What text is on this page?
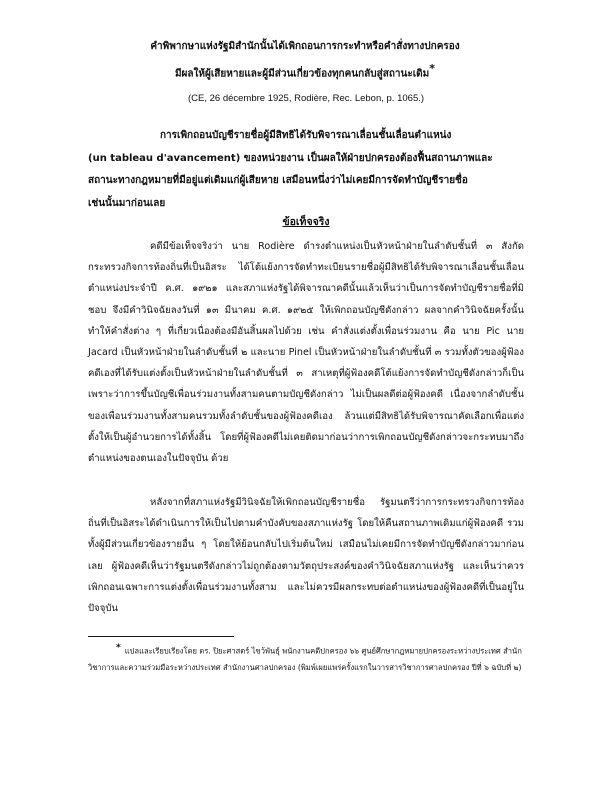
คำพิพากษาแห่งรัฐมิสำนักนั้นได้เพิกถอนการกระทำหรือคำสั่งทางปกครอง
มีผลให้ผู้เสียหายและผู้มีส่วนเกี่ยวข้องทุกคนกลับสู่สถานะเดิม*
(CE, 26 décembre 1925, Rodière, Rec. Lebon, p. 1065.)
การเพิกถอนบัญชีรายชื่อผู้มีสิทธิได้รับพิจารณาเลื่อนชั้นเลื่อนตำแหน่ง
(un tableau d'avancement) ของหน่วยงาน เป็นผลให้ฝ่ายปกครองต้องฟื้นสถานภาพและ
สถานะทางกฎหมายที่มีอยู่แต่เดิมแก่ผู้เสียหาย เสมือนหนึ่งว่าไม่เคยมีการจัดทำบัญชีรายชื่อ
เช่นนั้นมาก่อนเลย
ข้อเท็จจริง
คดีมีข้อเท็จจริงว่า นาย Rodière ดำรงตำแหน่งเป็นหัวหน้าฝ่ายในลำดับชั้นที่ ๓ สังกัดกระทรวงกิจการท้องถิ่นที่เป็นอิสระ ได้โต้แย้งการจัดทำทะเบียนรายชื่อผู้มีสิทธิได้รับพิจารณาเลื่อนชั้นเลื่อนตำแหน่งประจำปี ค.ศ. ๑๙๒๑ และสภาแห่งรัฐได้พิจารณาคดีนั้นแล้วเห็นว่าเป็นการจัดทำบัญชีรายชื่อที่มิชอบ จึงมีคำวินิจฉัยลงวันที่ ๑๓ มีนาคม ค.ศ. ๑๙๒๕ ให้เพิกถอนบัญชีดังกล่าว ผลจากคำวินิจฉัยครั้งนั้น ทำให้คำสั่งต่าง ๆ ที่เกี่ยวเนื่องต้องมีอันสิ้นผลไปด้วย เช่น คำสั่งแต่งตั้งเพื่อนร่วมงาน คือ นาย Pic นาย Jacard เป็นหัวหน้าฝ่ายในลำดับชั้นที่ ๒ และนาย Pinel เป็นหัวหน้าฝ่ายในลำดับชั้นที่ ๓ รวมทั้งตัวของผู้ฟ้องคดีเองที่ได้รับแต่งตั้งเป็นหัวหน้าฝ่ายในลำดับชั้นที่ ๓ สาเหตุที่ผู้ฟ้องคดีโต้แย้งการจัดทำบัญชีดังกล่าวก็เป็นเพราะว่าการขึ้นบัญชีเพื่อนร่วมงานทั้งสามคนตามบัญชีดังกล่าว ไม่เป็นผลดีต่อผู้ฟ้องคดี เนื่องจากลำดับชั้นของเพื่อนร่วมงานทั้งสามคนรวมทั้งลำดับชั้นของผู้ฟ้องคดีเอง ล้วนแต่มีสิทธิได้รับพิจารณาคัดเลือกเพื่อแต่งตั้งให้เป็นผู้อำนวยการได้ทั้งสิ้น โดยที่ผู้ฟ้องคดีไม่เคยติดมาก่อนว่าการเพิกถอนบัญชีดังกล่าวจะกระทบมาถึงตำแหน่งของตนเองในปัจจุบัน ด้วย
หลังจากที่สภาแห่งรัฐมีวินิจฉัยให้เพิกถอนบัญชีรายชื่อ รัฐมนตรีว่าการกระทรวงกิจการท้องถิ่นที่เป็นอิสระได้ดำเนินการให้เป็นไปตามคำบังคับของสภาแห่งรัฐ โดยให้คืนสถานภาพเดิมแก่ผู้ฟ้องคดี รวมทั้งผู้มีส่วนเกี่ยวข้องรายอื่น ๆ โดยให้ย้อนกลับไปเริ่มต้นใหม่ เสมือนไม่เคยมีการจัดทำบัญชีดังกล่าวมาก่อนเลย ผู้ฟ้องคดีเห็นว่ารัฐมนตรีดังกล่าวไม่ถูกต้องตามวัตถุประสงค์ของคำวินิจฉัยสภาแห่งรัฐ และเห็นว่าควรเพิกถอนเฉพาะการแต่งตั้งเพื่อนร่วมงานทั้งสาม และไม่ควรมีผลกระทบต่อตำแหน่งของผู้ฟ้องคดีที่เป็นอยู่ในปัจจุบัน
* แปลและเรียบเรียงโดย ดร. ปิยะศาสตร์ ไขว้พันธุ์ พนักงานคดีปกครอง ๖๖ ศูนย์ศึกษากฎหมายปกครองระหว่างประเทศ สำนักวิชาการและความร่วมมือระหว่างประเทศ สำนักงานศาลปกครอง (พิมพ์เผยแพร่ครั้งแรกในวารสารวิชาการศาลปกครอง ปีที่ ๖ ฉบับที่ ๒)
